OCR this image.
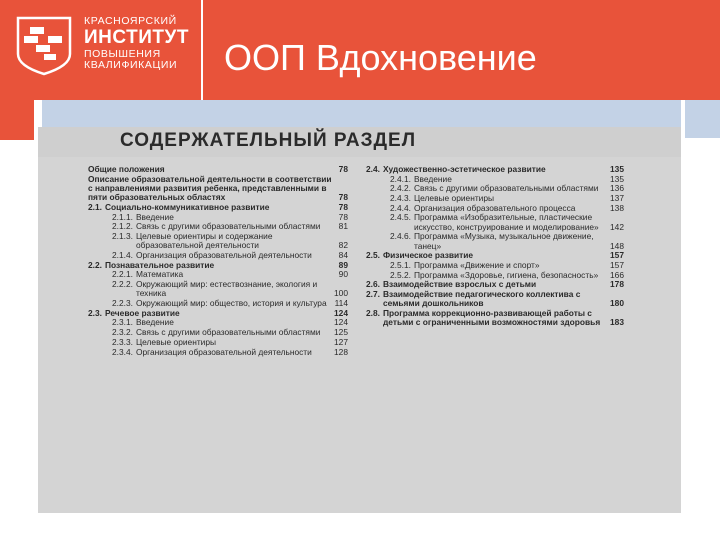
КРАСНОЯРСКИЙ
ИНСТИТУТ
ПОВЫШЕНИЯ
КВАЛИФИКАЦИИ	ООП Вдохновение
СОДЕРЖАТЕЛЬНЫЙ РАЗДЕЛ
Общие положения	78
Описание образовательной деятельности в соответствии с направлениями развития ребенка, представленными в пяти образовательных областях	78
2.1. Социально-коммуникативное развитие	78
2.1.1. Введение	78
2.1.2. Связь с другими образовательными областями	81
2.1.3. Целевые ориентиры и содержание образовательной деятельности	82
2.1.4. Организация образовательной деятельности	84
2.2. Познавательное развитие	89
2.2.1. Математика	90
2.2.2. Окружающий мир: естествознание, экология и техника	100
2.2.3. Окружающий мир: общество, история и культура 114
2.3. Речевое развитие	124
2.3.1. Введение	124
2.3.2. Связь с другими образовательными областями	125
2.3.3. Целевые ориентиры	127
2.3.4. Организация образовательной деятельности	128
2.4. Художественно-эстетическое развитие	135
2.4.1. Введение	135
2.4.2. Связь с другими образовательными областями	136
2.4.3. Целевые ориентиры	137
2.4.4. Организация образовательного процесса	138
2.4.5. Программа «Изобразительные, пластические искусство, конструирование и моделирование»	142
2.4.6. Программа «Музыка, музыкальное движение, танец»	148
2.5. Физическое развитие	157
2.5.1. Программа «Движение и спорт»	157
2.5.2. Программа «Здоровье, гигиена, безопасность»	166
2.6. Взаимодействие взрослых с детьми	178
2.7. Взаимодействие педагогического коллектива с семьями дошкольников	180
2.8. Программа коррекционно-развивающей работы с детьми с ограниченными возможностями здоровья	183
